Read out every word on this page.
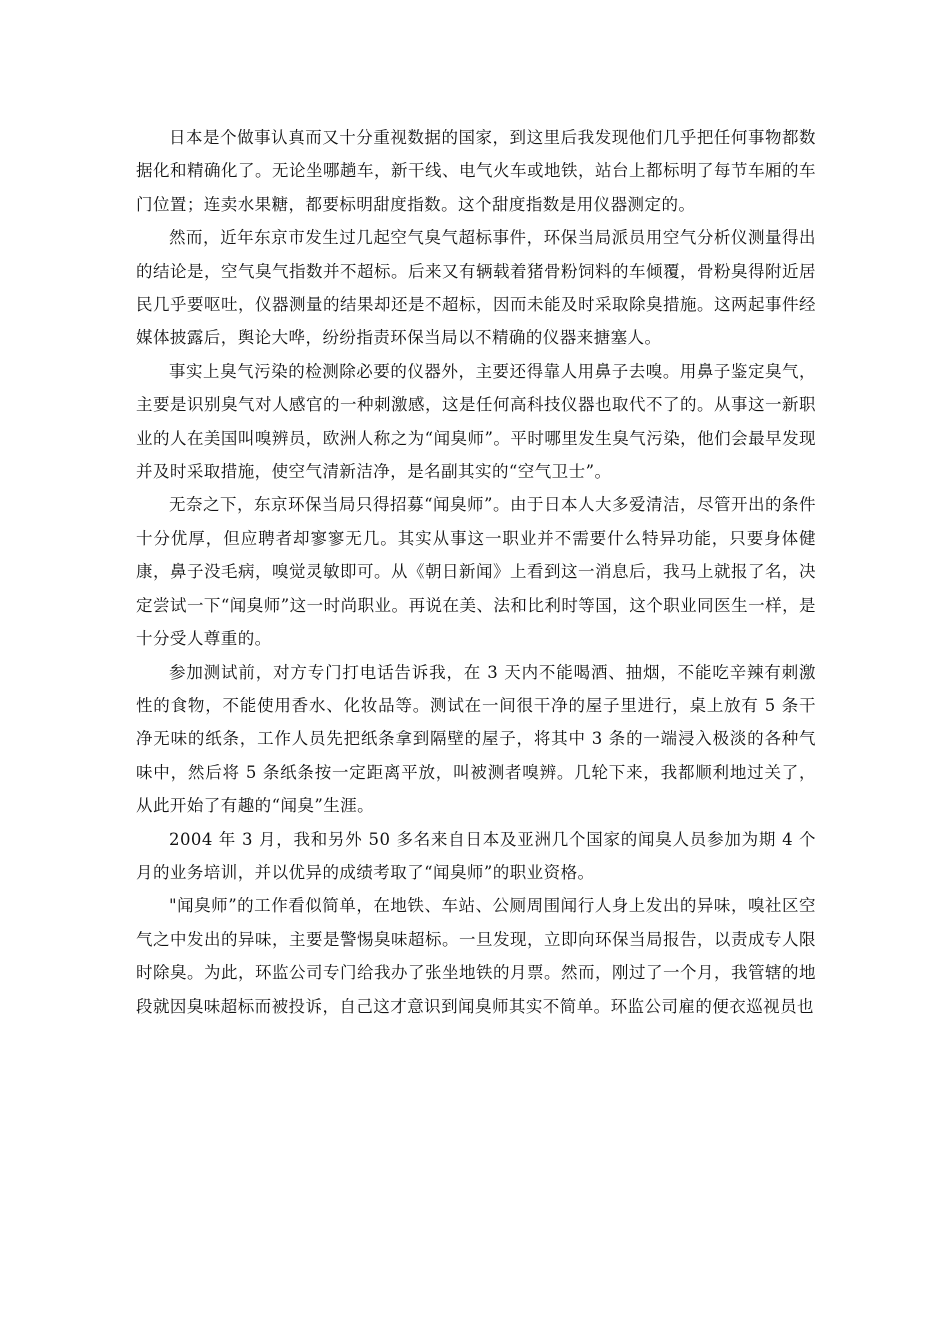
日本是个做事认真而又十分重视数据的国家，到这里后我发现他们几乎把任何事物都数据化和精确化了。无论坐哪趟车，新干线、电气火车或地铁，站台上都标明了每节车厢的车门位置；连卖水果糖，都要标明甜度指数。这个甜度指数是用仪器测定的。

然而，近年东京市发生过几起空气臭气超标事件，环保当局派员用空气分析仪测量得出的结论是，空气臭气指数并不超标。后来又有辆载着猪骨粉饲料的车倾覆，骨粉臭得附近居民几乎要呕吐，仪器测量的结果却还是不超标，因而未能及时采取除臭措施。这两起事件经媒体披露后，舆论大哗，纷纷指责环保当局以不精确的仪器来搪塞人。

事实上臭气污染的检测除必要的仪器外，主要还得靠人用鼻子去嗅。用鼻子鉴定臭气，主要是识别臭气对人感官的一种刺激感，这是任何高科技仪器也取代不了的。从事这一新职业的人在美国叫嗅辨员，欧洲人称之为“闻臭师”。平时哪里发生臭气污染，他们会最早发现并及时采取措施，使空气清新洁净，是名副其实的“空气卫士”。

无奈之下，东京环保当局只得招募“闻臭师”。由于日本人大多爱清洁，尽管开出的条件十分优厚，但应聘者却寥寥无几。其实从事这一职业并不需要什么特异功能，只要身体健康，鼻子没毛病，嗅觉灵敏即可。从《朝日新闻》上看到这一消息后，我马上就报了名，决定尝试一下“闻臭师”这一时尚职业。再说在美、法和比利时等国，这个职业同医生一样，是十分受人尊重的。

参加测试前，对方专门打电话告诉我，在 3 天内不能喝酒、抽烟，不能吃辛辣有刺激性的食物，不能使用香水、化妆品等。测试在一间很干净的屋子里进行，桌上放有 5 条干净无味的纸条，工作人员先把纸条拿到隔壁的屋子，将其中 3 条的一端浸入极淡的各种气味中，然后将 5 条纸条按一定距离平放，叫被测者嗅辨。几轮下来，我都顺利地过关了，从此开始了有趣的“闻臭”生涯。

2004 年 3 月，我和另外 50 多名来自日本及亚洲几个国家的闻臭人员参加为期 4 个月的业务培训，并以优异的成绩考取了“闻臭师”的职业资格。

"闻臭师”的工作看似简单，在地铁、车站、公厕周围闻行人身上发出的异味，嗅社区空气之中发出的异味，主要是警惕臭味超标。一旦发现，立即向环保当局报告，以责成专人限时除臭。为此，环监公司专门给我办了张坐地铁的月票。然而，刚过了一个月，我管辖的地段就因臭味超标而被投诉，自己这才意识到闻臭师其实不简单。环监公司雇的便衣巡视员也
